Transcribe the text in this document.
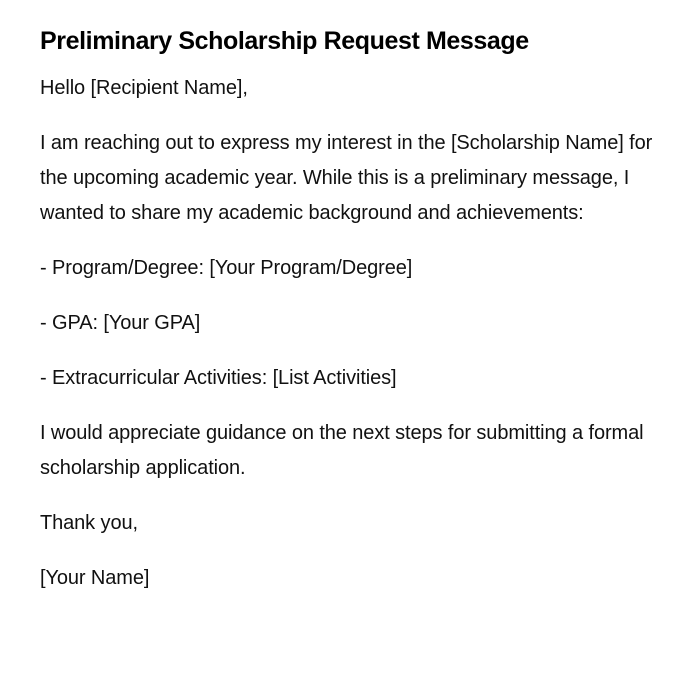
Preliminary Scholarship Request Message

Hello [Recipient Name],

I am reaching out to express my interest in the [Scholarship Name] for the upcoming academic year. While this is a preliminary message, I wanted to share my academic background and achievements:

- Program/Degree: [Your Program/Degree]

- GPA: [Your GPA]

- Extracurricular Activities: [List Activities]

I would appreciate guidance on the next steps for submitting a formal scholarship application.

Thank you,

[Your Name]
